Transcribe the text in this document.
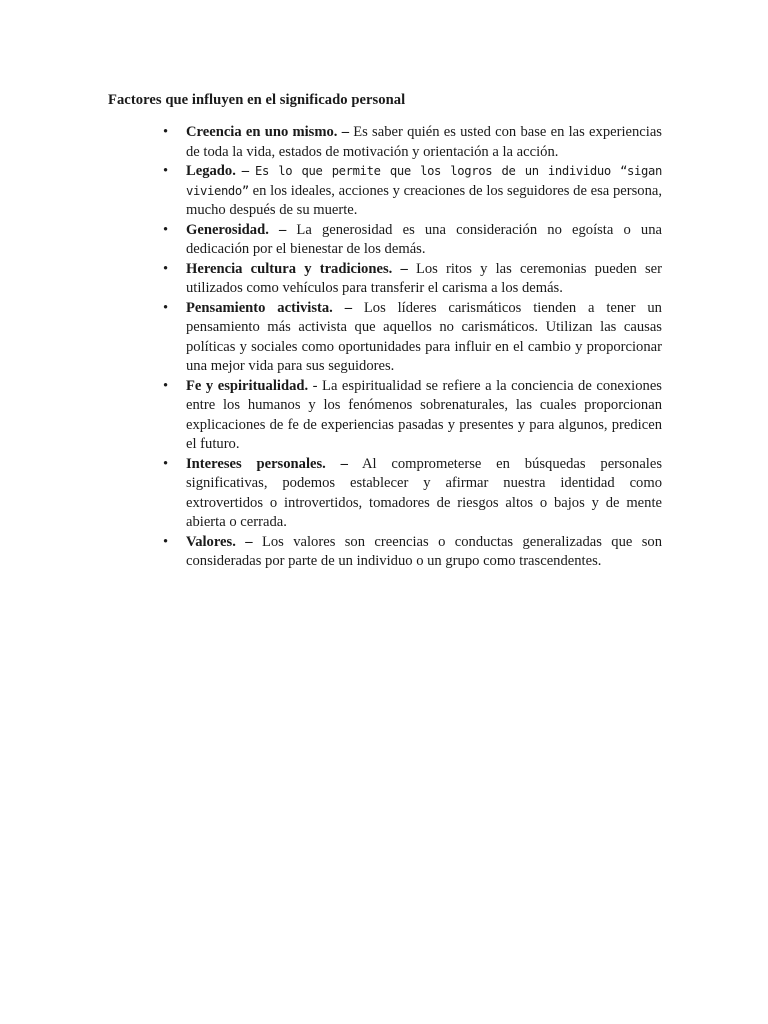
Factores que influyen en el significado personal
• Creencia en uno mismo. – Es saber quién es usted con base en las experiencias de toda la vida, estados de motivación y orientación a la acción.
• Legado. – Es lo que permite que los logros de un individuo “sigan viviendo” en los ideales, acciones y creaciones de los seguidores de esa persona, mucho después de su muerte.
• Generosidad. – La generosidad es una consideración no egoísta o una dedicación por el bienestar de los demás.
• Herencia cultura y tradiciones. – Los ritos y las ceremonias pueden ser utilizados como vehículos para transferir el carisma a los demás.
• Pensamiento activista. – Los líderes carismáticos tienden a tener un pensamiento más activista que aquellos no carismáticos. Utilizan las causas políticas y sociales como oportunidades para influir en el cambio y proporcionar una mejor vida para sus seguidores.
• Fe y espiritualidad. - La espiritualidad se refiere a la conciencia de conexiones entre los humanos y los fenómenos sobrenaturales, las cuales proporcionan explicaciones de fe de experiencias pasadas y presentes y para algunos, predicen el futuro.
• Intereses personales. – Al comprometerse en búsquedas personales significativas, podemos establecer y afirmar nuestra identidad como extrovertidos o introvertidos, tomadores de riesgos altos o bajos y de mente abierta o cerrada.
• Valores. – Los valores son creencias o conductas generalizadas que son consideradas por parte de un individuo o un grupo como trascendentes.
